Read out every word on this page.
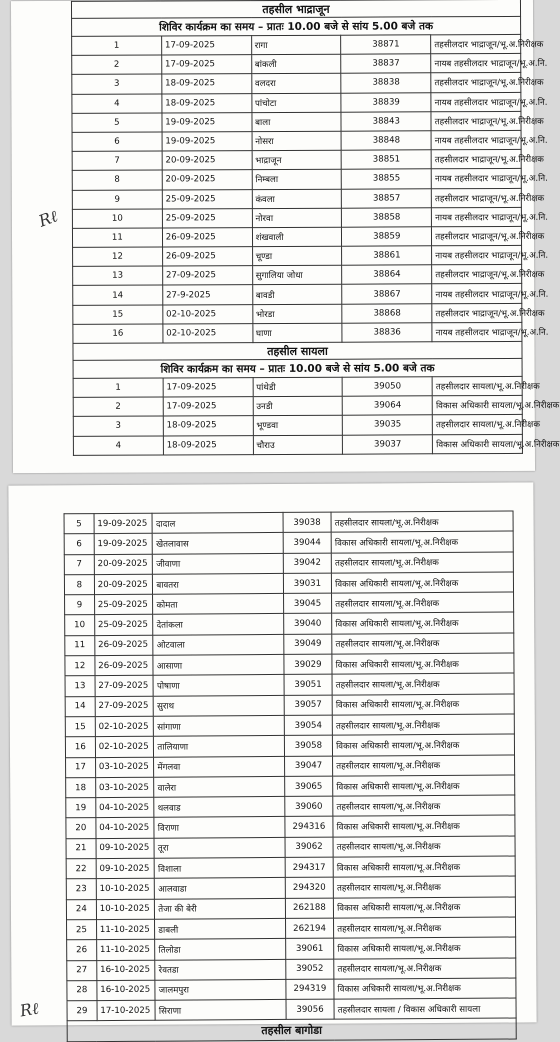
Rℓ
तहसील भाद्राजून				
शिविर कार्यक्रम का समय – प्रातः 10.00 बजे से सांय 5.00 बजे तक				
1	17-09-2025	रागा	38871	तहसीलदार भाद्राजून/भू.अ.निरीक्षक
2	17-09-2025	बांकली	38837	नायब तहसीलदार भाद्राजून/भू.अ.नि.
3	18-09-2025	वलदरा	38838	तहसीलदार भाद्राजून/भू.अ.निरीक्षक
4	18-09-2025	पांचोटा	38839	नायब तहसीलदार भाद्राजून/भू.अ.नि.
5	19-09-2025	बाला	38843	तहसीलदार भाद्राजून/भू.अ.निरीक्षक
6	19-09-2025	नोसरा	38848	नायब तहसीलदार भाद्राजून/भू.अ.नि.
7	20-09-2025	भाद्राजून	38851	तहसीलदार भाद्राजून/भू.अ.निरीक्षक
8	20-09-2025	निम्बला	38855	नायब तहसीलदार भाद्राजून/भू.अ.नि.
9	25-09-2025	कंवला	38857	तहसीलदार भाद्राजून/भू.अ.निरीक्षक
10	25-09-2025	नोरवा	38858	नायब तहसीलदार भाद्राजून/भू.अ.नि.
11	26-09-2025	शंखवाली	38859	तहसीलदार भाद्राजून/भू.अ.निरीक्षक
12	26-09-2025	चूण्डा	38861	नायब तहसीलदार भाद्राजून/भू.अ.नि.
13	27-09-2025	सुगालिया जोधा	38864	तहसीलदार भाद्राजून/भू.अ.निरीक्षक
14	27-9-2025	बावडी	38867	नायब तहसीलदार भाद्राजून/भू.अ.नि.
15	02-10-2025	भोरडा	38868	तहसीलदार भाद्राजून/भू.अ.निरीक्षक
16	02-10-2025	घाणा	38836	नायब तहसीलदार भाद्राजून/भू.अ.नि.
तहसील सायला				
शिविर कार्यक्रम का समय – प्रातः 10.00 बजे से सांय 5.00 बजे तक				
1	17-09-2025	पांथेडी	39050	तहसीलदार सायला/भू.अ.निरीक्षक
2	17-09-2025	उनडी	39064	विकास अधिकारी सायला/भू.अ.निरीक्षक
3	18-09-2025	भूण्डवा	39035	तहसीलदार सायला/भू.अ.निरीक्षक
4	18-09-2025	चौराउ	39037	विकास अधिकारी सायला/भू.अ.निरीक्षक
5	19-09-2025	दादाल	39038	तहसीलदार सायला/भू.अ.निरीक्षक
6	19-09-2025	खेतलावास	39044	विकास अधिकारी सायला/भू.अ.निरीक्षक
7	20-09-2025	जीवाणा	39042	तहसीलदार सायला/भू.अ.निरीक्षक
8	20-09-2025	बावतरा	39031	विकास अधिकारी सायला/भू.अ.निरीक्षक
9	25-09-2025	कोमता	39045	तहसीलदार सायला/भू.अ.निरीक्षक
10	25-09-2025	देतांकला	39040	विकास अधिकारी सायला/भू.अ.निरीक्षक
11	26-09-2025	ओटवाला	39049	तहसीलदार सायला/भू.अ.निरीक्षक
12	26-09-2025	आसाणा	39029	विकास अधिकारी सायला/भू.अ.निरीक्षक
13	27-09-2025	पोषाणा	39051	तहसीलदार सायला/भू.अ.निरीक्षक
14	27-09-2025	सुराथ	39057	विकास अधिकारी सायला/भू.अ.निरीक्षक
15	02-10-2025	सांगाणा	39054	तहसीलदार सायला/भू.अ.निरीक्षक
16	02-10-2025	तालियाणा	39058	विकास अधिकारी सायला/भू.अ.निरीक्षक
17	03-10-2025	मेंगलवा	39047	तहसीलदार सायला/भू.अ.निरीक्षक
18	03-10-2025	वालेरा	39065	विकास अधिकारी सायला/भू.अ.निरीक्षक
19	04-10-2025	थलवाड	39060	तहसीलदार सायला/भू.अ.निरीक्षक
20	04-10-2025	विराणा	294316	विकास अधिकारी सायला/भू.अ.निरीक्षक
21	09-10-2025	तूरा	39062	तहसीलदार सायला/भू.अ.निरीक्षक
22	09-10-2025	विशाला	294317	विकास अधिकारी सायला/भू.अ.निरीक्षक
23	10-10-2025	आलवाडा	294320	तहसीलदार सायला/भू.अ.निरीक्षक
24	10-10-2025	तेजा की बेरी	262188	विकास अधिकारी सायला/भू.अ.निरीक्षक
25	11-10-2025	डाबली	262194	तहसीलदार सायला/भू.अ.निरीक्षक
26	11-10-2025	तिलोडा	39061	विकास अधिकारी सायला/भू.अ.निरीक्षक
27	16-10-2025	रेवतडा	39052	तहसीलदार सायला/भू.अ.निरीक्षक
28	16-10-2025	जालमपुरा	294319	विकास अधिकारी सायला/भू.अ.निरीक्षक
29	17-10-2025	सिराणा	39056	तहसीलदार सायला / विकास अधिकारी सायला
तहसील बागोडा				
Rℓ
